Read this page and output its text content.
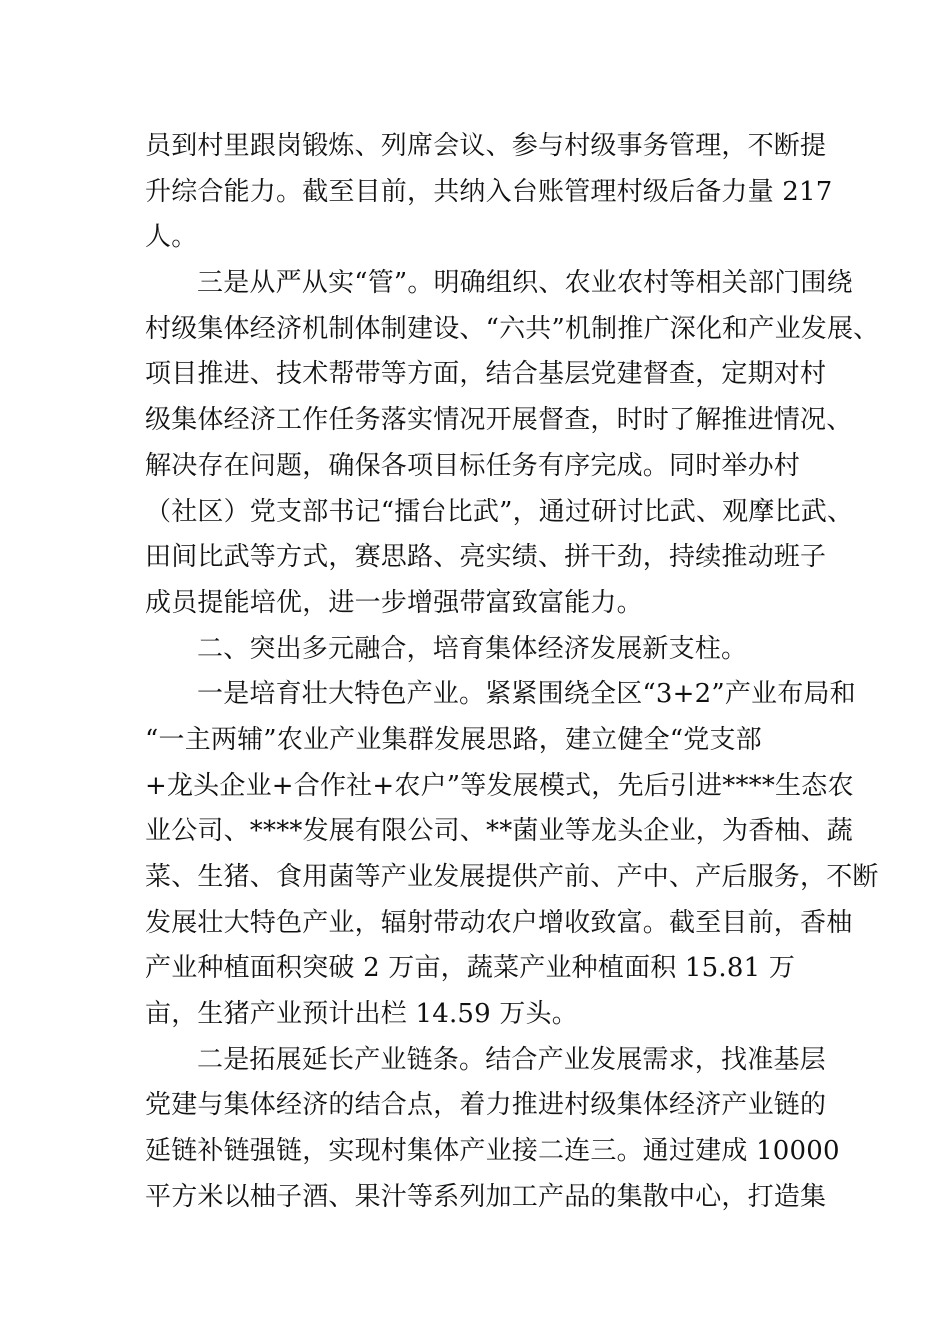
员到村里跟岗锻炼、列席会议、参与村级事务管理，不断提
升综合能力。截至目前，共纳入台账管理村级后备力量 217
人。
三是从严从实“管”。明确组织、农业农村等相关部门围绕
村级集体经济机制体制建设、“六共”机制推广深化和产业发展、
项目推进、技术帮带等方面，结合基层党建督查，定期对村
级集体经济工作任务落实情况开展督查，时时了解推进情况、
解决存在问题，确保各项目标任务有序完成。同时举办村
（社区）党支部书记“擂台比武”，通过研讨比武、观摩比武、
田间比武等方式，赛思路、亮实绩、拼干劲，持续推动班子
成员提能培优，进一步增强带富致富能力。
二、突出多元融合，培育集体经济发展新支柱。
一是培育壮大特色产业。紧紧围绕全区“3+2”产业布局和
“一主两辅”农业产业集群发展思路，建立健全“党支部
+龙头企业+合作社+农户”等发展模式，先后引进****生态农
业公司、****发展有限公司、**菌业等龙头企业，为香柚、蔬
菜、生猪、食用菌等产业发展提供产前、产中、产后服务，不断
发展壮大特色产业，辐射带动农户增收致富。截至目前，香柚
产业种植面积突破 2 万亩，蔬菜产业种植面积 15.81 万
亩，生猪产业预计出栏 14.59 万头。
二是拓展延长产业链条。结合产业发展需求，找准基层
党建与集体经济的结合点，着力推进村级集体经济产业链的
延链补链强链，实现村集体产业接二连三。通过建成 10000
平方米以柚子酒、果汁等系列加工产品的集散中心，打造集
